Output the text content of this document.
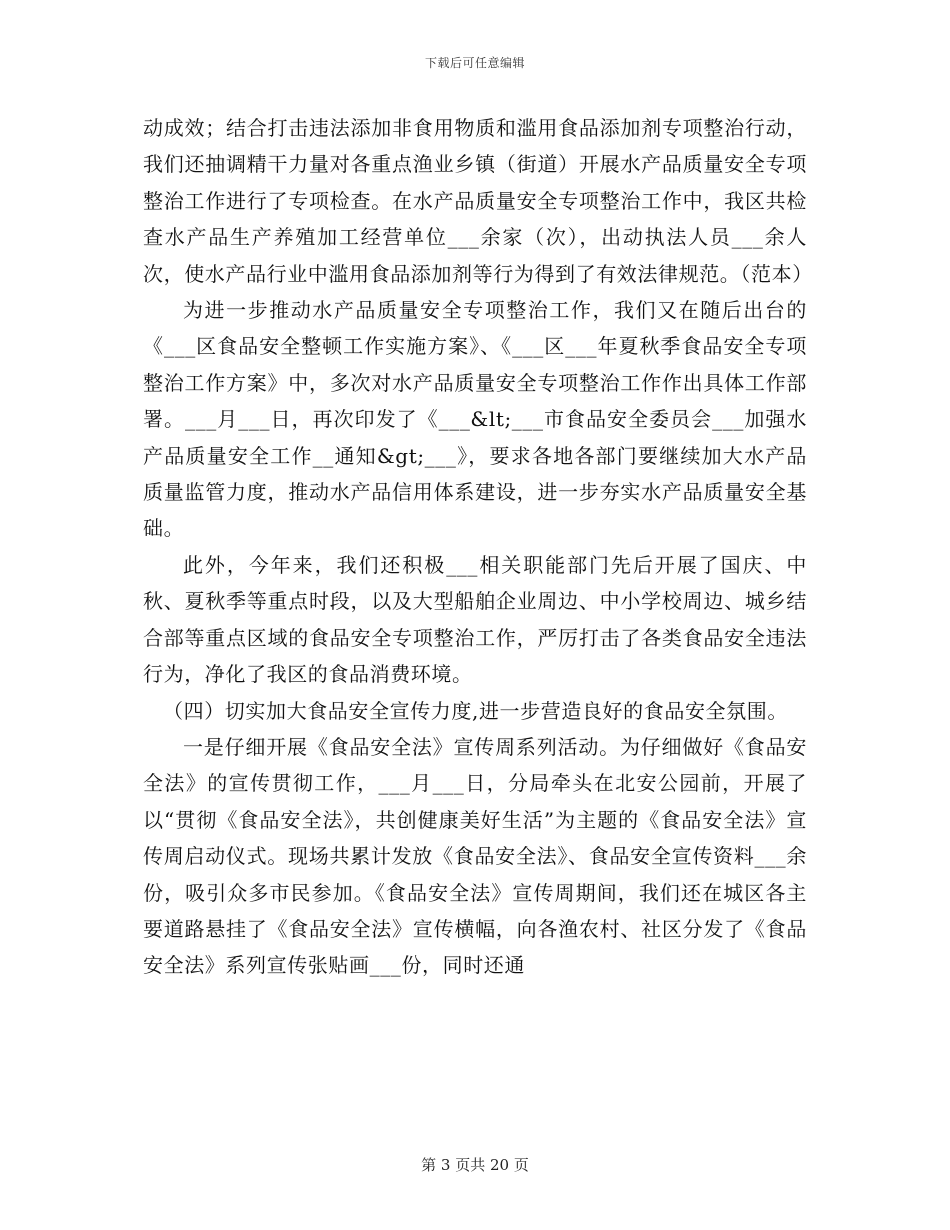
下载后可任意编辑

动成效；结合打击违法添加非食用物质和滥用食品添加剂专项整治行动，我们还抽调精干力量对各重点渔业乡镇（街道）开展水产品质量安全专项整治工作进行了专项检查。在水产品质量安全专项整治工作中，我区共检查水产品生产养殖加工经营单位___余家（次），出动执法人员___余人次，使水产品行业中滥用食品添加剂等行为得到了有效法律规范。（范本）

为进一步推动水产品质量安全专项整治工作，我们又在随后出台的《___区食品安全整顿工作实施方案》、《___区___年夏秋季食品安全专项整治工作方案》中，多次对水产品质量安全专项整治工作作出具体工作部署。___月___日，再次印发了《___&lt;___市食品安全委员会___加强水产品质量安全工作__通知&gt;___》，要求各地各部门要继续加大水产品质量监管力度，推动水产品信用体系建设，进一步夯实水产品质量安全基础。

此外，今年来，我们还积极___相关职能部门先后开展了国庆、中秋、夏秋季等重点时段，以及大型船舶企业周边、中小学校周边、城乡结合部等重点区域的食品安全专项整治工作，严厉打击了各类食品安全违法行为，净化了我区的食品消费环境。

（四）切实加大食品安全宣传力度,进一步营造良好的食品安全氛围。

一是仔细开展《食品安全法》宣传周系列活动。为仔细做好《食品安全法》的宣传贯彻工作，___月___日，分局牵头在北安公园前，开展了以“贯彻《食品安全法》，共创健康美好生活”为主题的《食品安全法》宣传周启动仪式。现场共累计发放《食品安全法》、食品安全宣传资料___余份，吸引众多市民参加。《食品安全法》宣传周期间，我们还在城区各主要道路悬挂了《食品安全法》宣传横幅，向各渔农村、社区分发了《食品安全法》系列宣传张贴画___份，同时还通

第 3 页共 20 页
